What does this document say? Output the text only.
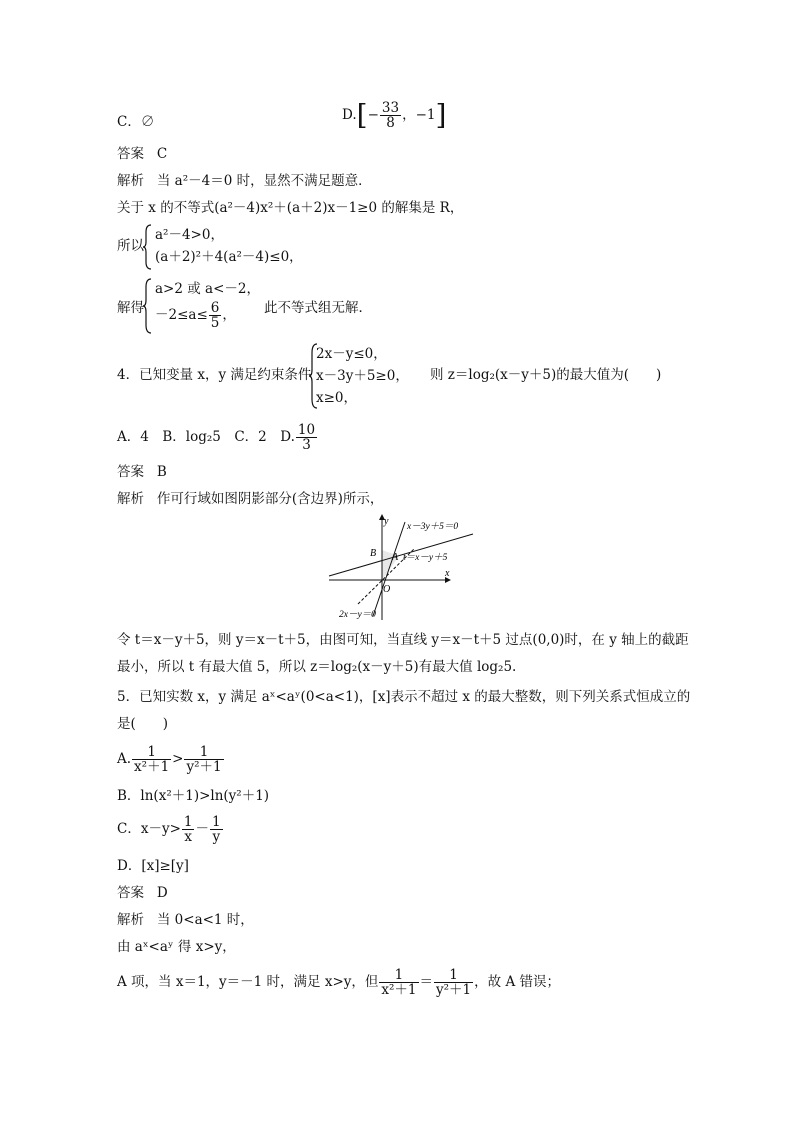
C．∅	$D.[- \frac{33}{8}$ ，−1]
答案 C
解析 当 a²－4＝0 时，显然不满足题意．
关于 x 的不等式(a²－4)x²＋(a＋2)x－1≥0 的解集是 R，
所以
a²－4>0，
(a＋2)²＋4(a²－4)≤0，
解得
a>2 或 a<－2，
$-2\le a\le \frac{6}{5}$ ，	此不等式组无解．
4．已知变量 x，y 满足约束条件
2x－y≤0，
x－3y＋5≥0，
x≥0，
则 z＝log₂(x－y＋5)的最大值为(　　)
A．4　B．log₂5　C．2　D. $\frac{10}{3}$
答案 B
解析 作可行域如图阴影部分(含边界)所示，
y
x
O
B A
x－3y＋5＝0
t＝x－y＋5
2x－y＝0
令 t＝x－y＋5，则 y＝x－t＋5，由图可知，当直线 y＝x－t＋5 过点(0,0)时，在 y 轴上的截距
最小，所以 t 有最大值 5，所以 z＝log₂(x－y＋5)有最大值 log₂5.
5．已知实数 x，y 满足 aˣ<aʸ(0<a<1)，[x]表示不超过 x 的最大整数，则下列关系式恒成立的
是(　　)
A. $\frac{1}{\text{x²＋1}} > \frac{1}{\text{y²＋1}}$
B．ln(x²＋1)>ln(y²＋1)
C．$x-y> \frac{1}{x} - \frac{1}{y}$
D．[x]≥[y]
答案 D
解析 当 0<a<1 时，
由 aˣ<aʸ 得 x>y，
A 项，当 x＝1，y＝－1 时，满足 x>y，但 $\frac{1}{\text{x²＋1}} = \frac{1}{\text{y²＋1}}$ ，故 A 错误；
